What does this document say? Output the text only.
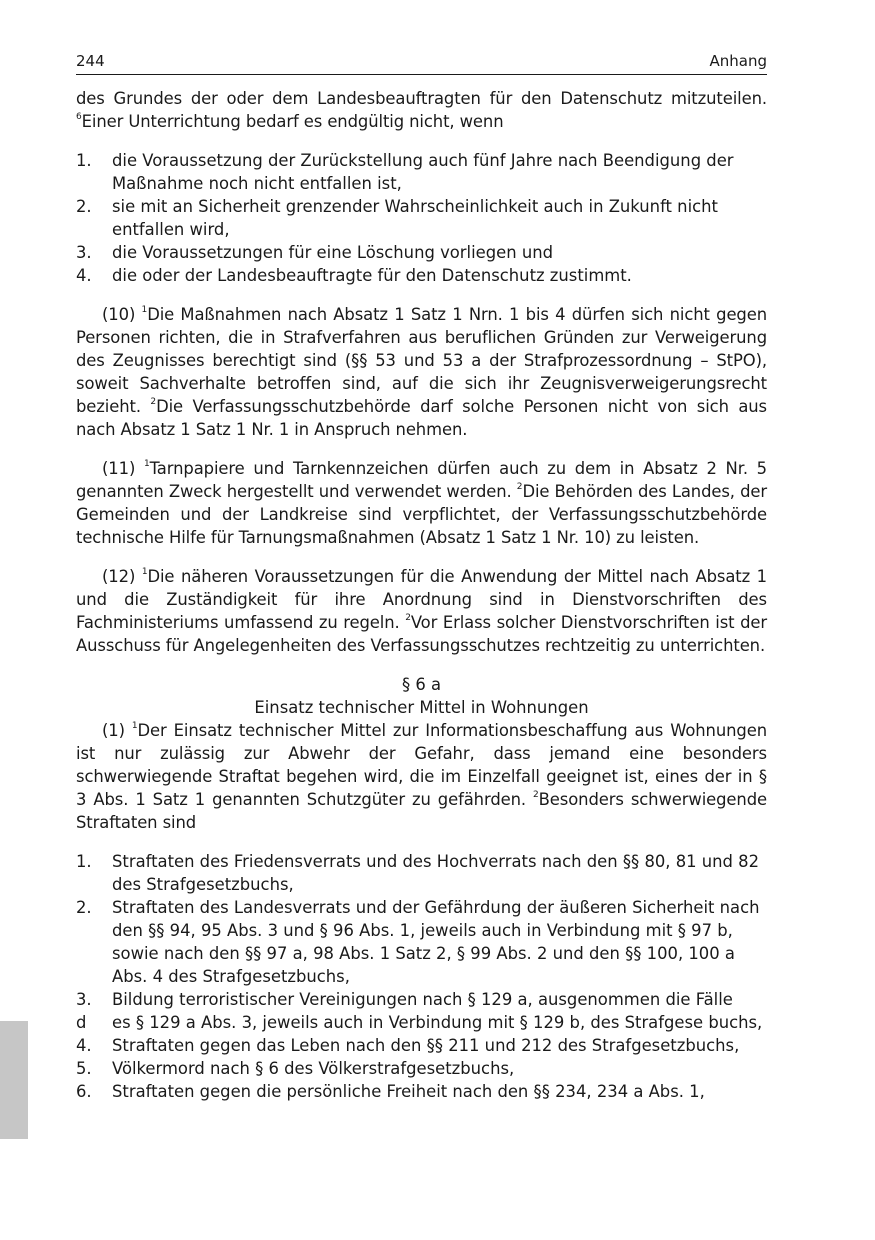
244	Anhang

des Grundes der oder dem Landesbeauftragten für den Datenschutz mitzuteilen. $^6$Einer Unterrichtung bedarf es endgültig nicht, wenn

1. die Voraussetzung der Zurückstellung auch fünf Jahre nach Beendigung der Maßnahme noch nicht entfallen ist,
2. sie mit an Sicherheit grenzender Wahrscheinlichkeit auch in Zukunft nicht entfallen wird,
3. die Voraussetzungen für eine Löschung vorliegen und
4. die oder der Landesbeauftragte für den Datenschutz zustimmt.

(10) $^1$Die Maßnahmen nach Absatz 1 Satz 1 Nrn. 1 bis 4 dürfen sich nicht gegen Personen richten, die in Strafverfahren aus beruflichen Gründen zur Verweigerung des Zeugnisses berechtigt sind (§§ 53 und 53 a der Strafprozessordnung – StPO), soweit Sachverhalte betroffen sind, auf die sich ihr Zeugnisverweigerungsrecht bezieht. $^2$Die Verfassungsschutzbehörde darf solche Personen nicht von sich aus nach Absatz 1 Satz 1 Nr. 1 in Anspruch nehmen.

(11) $^1$Tarnpapiere und Tarnkennzeichen dürfen auch zu dem in Absatz 2 Nr. 5 genannten Zweck hergestellt und verwendet werden. $^2$Die Behörden des Landes, der Gemeinden und der Landkreise sind verpflichtet, der Verfassungsschutzbehörde technische Hilfe für Tarnungsmaßnahmen (Absatz 1 Satz 1 Nr. 10) zu leisten.

(12) $^1$Die näheren Voraussetzungen für die Anwendung der Mittel nach Absatz 1 und die Zuständigkeit für ihre Anordnung sind in Dienstvorschriften des Fachministeriums umfassend zu regeln. $^2$Vor Erlass solcher Dienstvorschriften ist der Ausschuss für Angelegenheiten des Verfassungsschutzes rechtzeitig zu unterrichten.

§ 6 a
Einsatz technischer Mittel in Wohnungen

(1) $^1$Der Einsatz technischer Mittel zur Informationsbeschaffung aus Wohnungen ist nur zulässig zur Abwehr der Gefahr, dass jemand eine besonders schwerwiegende Straftat begehen wird, die im Einzelfall geeignet ist, eines der in § 3 Abs. 1 Satz 1 genannten Schutzgüter zu gefährden. $^2$Besonders schwerwiegende Straftaten sind

1. Straftaten des Friedensverrats und des Hochverrats nach den §§ 80, 81 und 82 des Strafgesetzbuchs,
2. Straftaten des Landesverrats und der Gefährdung der äußeren Sicherheit nach den §§ 94, 95 Abs. 3 und § 96 Abs. 1, jeweils auch in Verbindung mit § 97 b, sowie nach den §§ 97 a, 98 Abs. 1 Satz 2, § 99 Abs. 2 und den §§ 100, 100 a Abs. 4 des Strafgesetzbuchs,
3. Bildung terroristischer Vereinigungen nach § 129 a, ausgenommen die Fälle
d es § 129 a Abs. 3, jeweils auch in Verbindung mit § 129 b, des Strafgese buchs,
4. Straftaten gegen das Leben nach den §§ 211 und 212 des Strafgesetzbuchs,
5. Völkermord nach § 6 des Völkerstrafgesetzbuchs,
6. Straftaten gegen die persönliche Freiheit nach den §§ 234, 234 a Abs. 1,
